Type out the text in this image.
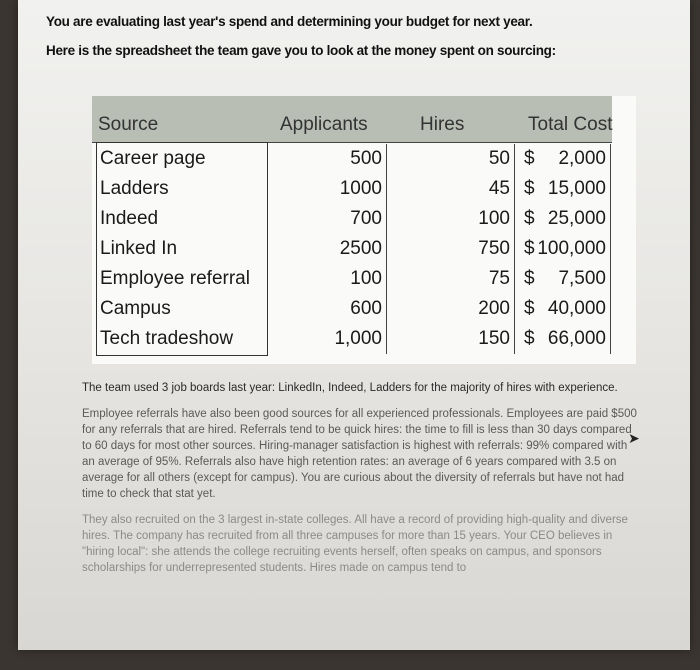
You are evaluating last year's spend and determining your budget for next year.

Here is the spreadsheet the team gave you to look at the money spent on sourcing:

Source	Applicants	Hires	Total Cost
Career page	500	50 $	2,000
Ladders	1000	45 $ 15,000
Indeed	700	100 $ 25,000
Linked In	2500	750 $ 100,000
Employee referral	100	75 $	7,500
Campus	600	200 $ 40,000
Tech tradeshow	1,000	150 $ 66,000

The team used 3 job boards last year: LinkedIn, Indeed, Ladders for the majority of hires with experience.

Employee referrals have also been good sources for all experienced professionals. Employees are paid $500 for any referrals that are hired. Referrals tend to be quick hires: the time to fill is less than 30 days compared to 60 days for most other sources. Hiring-manager satisfaction is highest with referrals: 99% compared with an average of 95%. Referrals also have high retention rates: an average of 6 years compared with 3.5 on average for all others (except for campus). You are curious about the diversity of referrals but have not had time to check that stat yet.

They also recruited on the 3 largest in-state colleges. All have a record of providing high-quality and diverse hires. The company has recruited from all three campuses for more than 15 years. Your CEO believes in "hiring local": she attends the college recruiting events herself, often speaks on campus, and sponsors scholarships for underrepresented students. Hires made on campus tend to

➤
